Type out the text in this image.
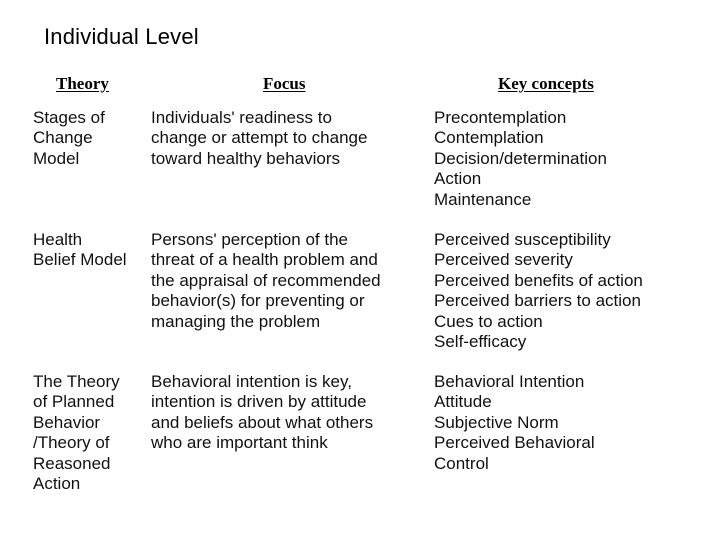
Individual Level
Theory	Focus	Key concepts
Stages of
Change
Model
Individuals' readiness to
change or attempt to change
toward healthy behaviors
Precontemplation
Contemplation
Decision/determination
Action
Maintenance
Health
Belief Model
Persons' perception of the
threat of a health problem and
the appraisal of recommended
behavior(s) for preventing or
managing the problem
Perceived susceptibility
Perceived severity
Perceived benefits of action
Perceived barriers to action
Cues to action
Self-efficacy
The Theory
of Planned
Behavior
/Theory of
Reasoned
Action
Behavioral intention is key,
intention is driven by attitude
and beliefs about what others
who are important think
Behavioral Intention
Attitude
Subjective Norm
Perceived Behavioral
Control
